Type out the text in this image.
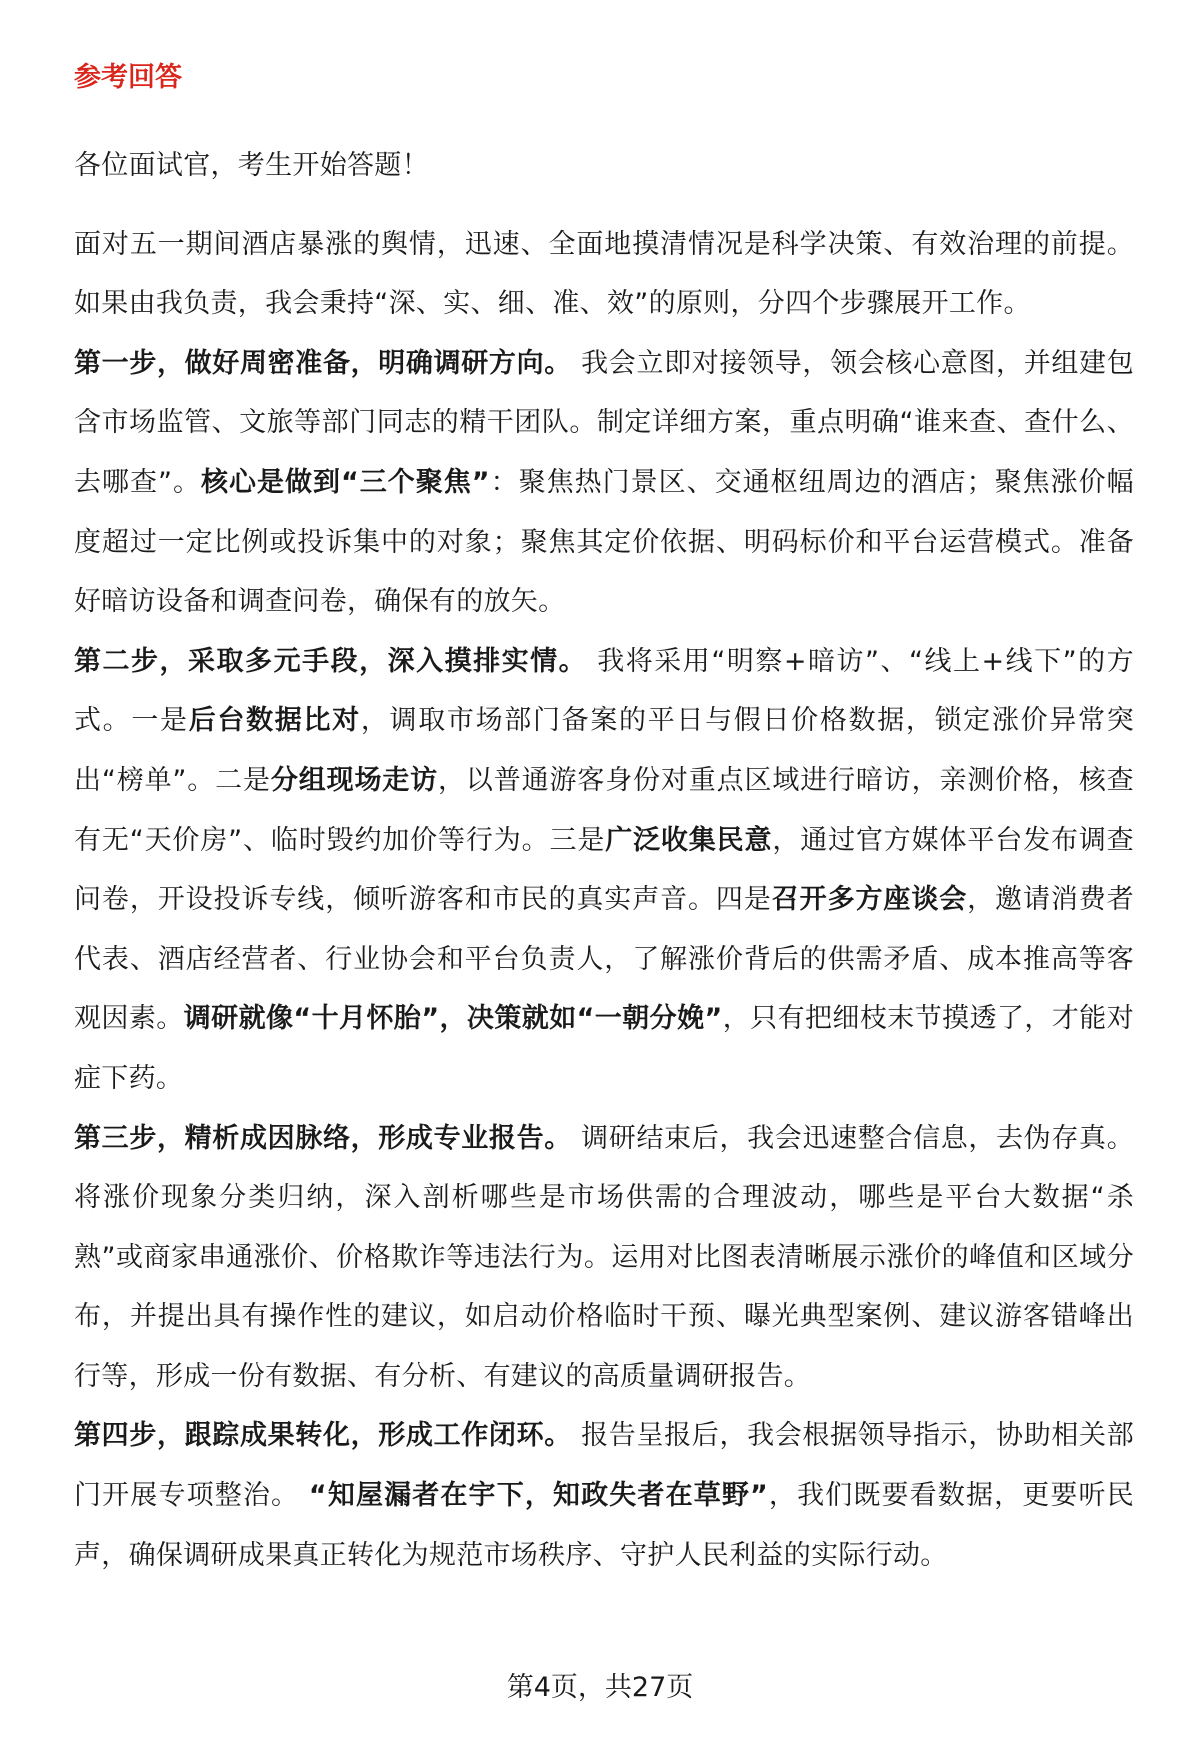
参考回答

各位面试官，考生开始答题！

面对五一期间酒店暴涨的舆情，迅速、全面地摸清情况是科学决策、有效治理的前提。如果由我负责，我会秉持“深、实、细、准、效”的原则，分四个步骤展开工作。

第一步，做好周密准备，明确调研方向。 我会立即对接领导，领会核心意图，并组建包含市场监管、文旅等部门同志的精干团队。制定详细方案，重点明确“谁来查、查什么、去哪查”。核心是做到“三个聚焦”：聚焦热门景区、交通枢纽周边的酒店；聚焦涨价幅度超过一定比例或投诉集中的对象；聚焦其定价依据、明码标价和平台运营模式。准备好暗访设备和调查问卷，确保有的放矢。

第二步，采取多元手段，深入摸排实情。 我将采用“明察+暗访”、“线上+线下”的方式。一是后台数据比对，调取市场部门备案的平日与假日价格数据，锁定涨价异常突出“榜单”。二是分组现场走访，以普通游客身份对重点区域进行暗访，亲测价格，核查有无“天价房”、临时毁约加价等行为。三是广泛收集民意，通过官方媒体平台发布调查问卷，开设投诉专线，倾听游客和市民的真实声音。四是召开多方座谈会，邀请消费者代表、酒店经营者、行业协会和平台负责人，了解涨价背后的供需矛盾、成本推高等客观因素。调研就像“十月怀胎”，决策就如“一朝分娩”，只有把细枝末节摸透了，才能对症下药。

第三步，精析成因脉络，形成专业报告。 调研结束后，我会迅速整合信息，去伪存真。将涨价现象分类归纳，深入剖析哪些是市场供需的合理波动，哪些是平台大数据“杀熟”或商家串通涨价、价格欺诈等违法行为。运用对比图表清晰展示涨价的峰值和区域分布，并提出具有操作性的建议，如启动价格临时干预、曝光典型案例、建议游客错峰出行等，形成一份有数据、有分析、有建议的高质量调研报告。

第四步，跟踪成果转化，形成工作闭环。 报告呈报后，我会根据领导指示，协助相关部门开展专项整治。 “知屋漏者在宇下，知政失者在草野”，我们既要看数据，更要听民声，确保调研成果真正转化为规范市场秩序、守护人民利益的实际行动。

第4页，共27页
